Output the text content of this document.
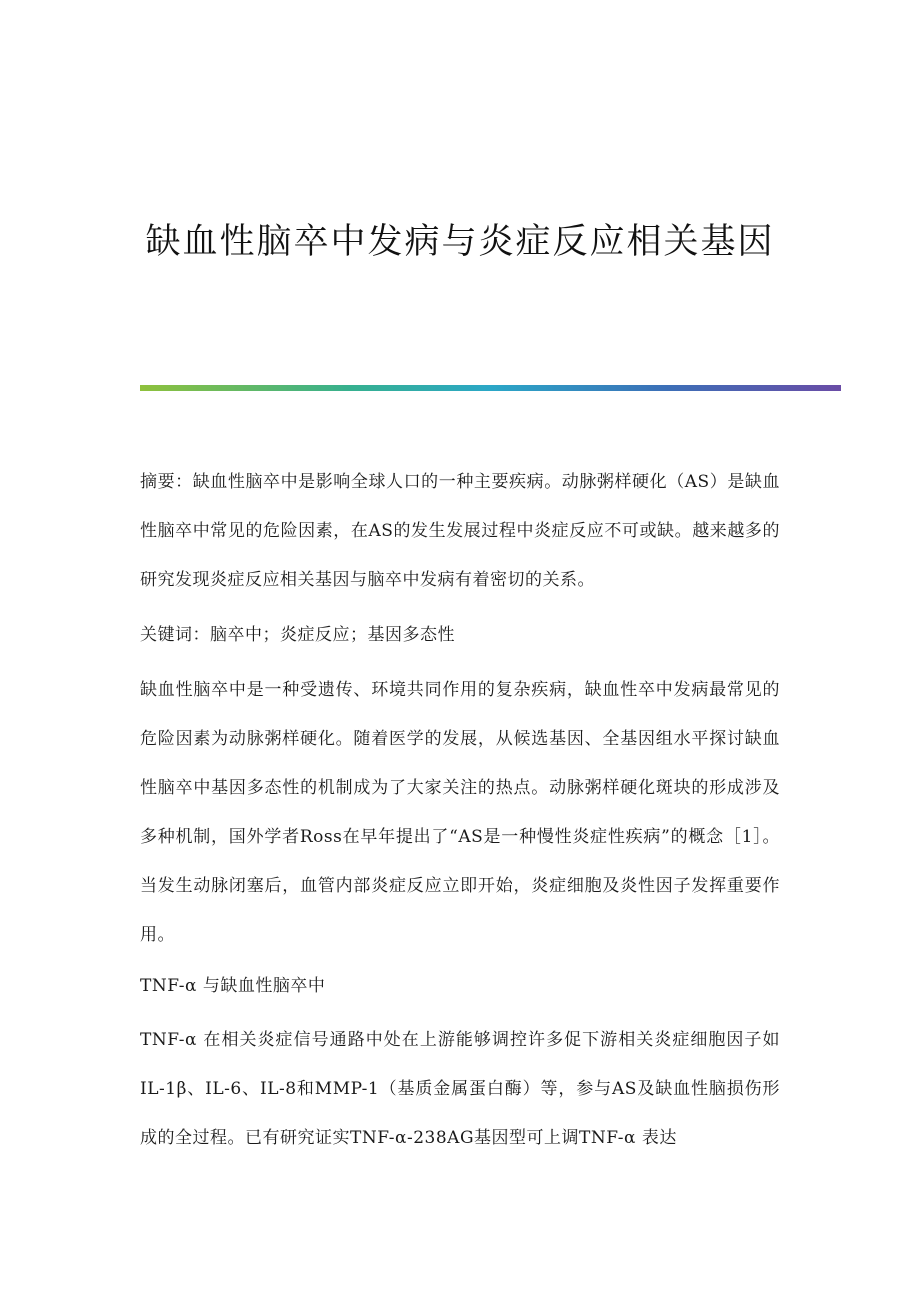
缺血性脑卒中发病与炎症反应相关基因

摘要：缺血性脑卒中是影响全球人口的一种主要疾病。动脉粥样硬化（AS）是缺血性脑卒中常见的危险因素，在AS的发生发展过程中炎症反应不可或缺。越来越多的研究发现炎症反应相关基因与脑卒中发病有着密切的关系。

关键词：脑卒中；炎症反应；基因多态性

缺血性脑卒中是一种受遗传、环境共同作用的复杂疾病，缺血性卒中发病最常见的危险因素为动脉粥样硬化。随着医学的发展，从候选基因、全基因组水平探讨缺血性脑卒中基因多态性的机制成为了大家关注的热点。动脉粥样硬化斑块的形成涉及多种机制，国外学者Ross在早年提出了“AS是一种慢性炎症性疾病”的概念［1］。当发生动脉闭塞后，血管内部炎症反应立即开始，炎症细胞及炎性因子发挥重要作用。

TNF-α 与缺血性脑卒中

TNF-α 在相关炎症信号通路中处在上游能够调控许多促下游相关炎症细胞因子如IL-1β、IL-6、IL-8和MMP-1（基质金属蛋白酶）等，参与AS及缺血性脑损伤形成的全过程。已有研究证实TNF-α-238AG基因型可上调TNF-α 表达
